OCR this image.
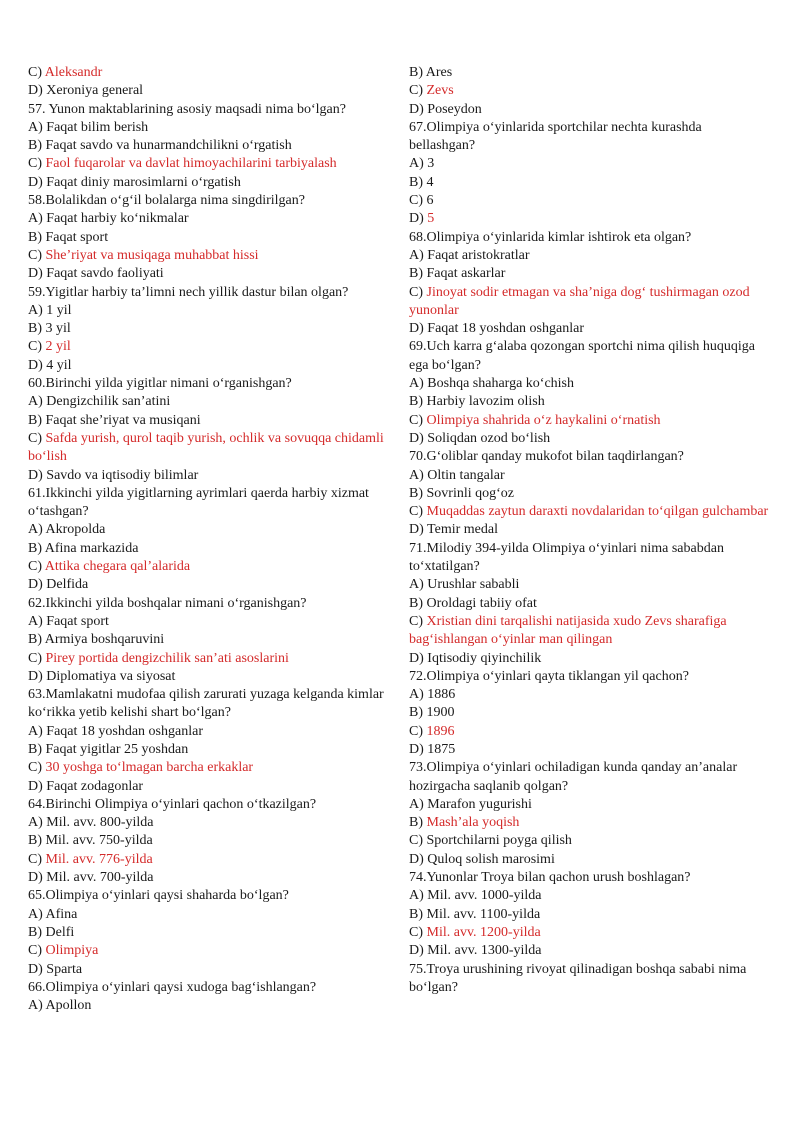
C) Aleksandr
D) Xeroniya general
57. Yunon maktablarining asosiy maqsadi nima bo‘lgan?
A) Faqat bilim berish
B) Faqat savdo va hunarmandchilikni o‘rgatish
C) Faol fuqarolar va davlat himoyachilarini tarbiyalash
D) Faqat diniy marosimlarni o‘rgatish
58.Bolalikdan o‘g‘il bolalarga nima singdirilgan?
A) Faqat harbiy ko‘nikmalar
B) Faqat sport
C) She’riyat va musiqaga muhabbat hissi
D) Faqat savdo faoliyati
59.Yigitlar harbiy ta’limni nech yillik dastur bilan olgan?
A) 1 yil
B) 3 yil
C) 2 yil
D) 4 yil
60.Birinchi yilda yigitlar nimani o‘rganishgan?
A) Dengizchilik san’atini
B) Faqat she’riyat va musiqani
C) Safda yurish, qurol taqib yurish, ochlik va sovuqqa chidamli bo‘lish
D) Savdo va iqtisodiy bilimlar
61.Ikkinchi yilda yigitlarning ayrimlari qaerda harbiy xizmat o‘tashgan?
A) Akropolda
B) Afina markazida
C) Attika chegara qal’alarida
D) Delfida
62.Ikkinchi yilda boshqalar nimani o‘rganishgan?
A) Faqat sport
B) Armiya boshqaruvini
C) Pirey portida dengizchilik san’ati asoslarini
D) Diplomatiya va siyosat
63.Mamlakatni mudofaa qilish zarurati yuzaga kelganda kimlar ko‘rikka yetib kelishi shart bo‘lgan?
A) Faqat 18 yoshdan oshganlar
B) Faqat yigitlar 25 yoshdan
C) 30 yoshga to‘lmagan barcha erkaklar
D) Faqat zodagonlar
64.Birinchi Olimpiya o‘yinlari qachon o‘tkazilgan?
A) Mil. avv. 800-yilda
B) Mil. avv. 750-yilda
C) Mil. avv. 776-yilda
D) Mil. avv. 700-yilda
65.Olimpiya o‘yinlari qaysi shaharda bo‘lgan?
A) Afina
B) Delfi
C) Olimpiya
D) Sparta
66.Olimpiya o‘yinlari qaysi xudoga bag‘ishlangan?
A) Apollon
B) Ares
C) Zevs
D) Poseydon
67.Olimpiya o‘yinlarida sportchilar nechta kurashda bellashgan?
A) 3
B) 4
C) 6
D) 5
68.Olimpiya o‘yinlarida kimlar ishtirok eta olgan?
A) Faqat aristokratlar
B) Faqat askarlar
C) Jinoyat sodir etmagan va sha’niga dog‘ tushirmagan ozod yunonlar
D) Faqat 18 yoshdan oshganlar
69.Uch karra g‘alaba qozongan sportchi nima qilish huquqiga ega bo‘lgan?
A) Boshqa shaharga ko‘chish
B) Harbiy lavozim olish
C) Olimpiya shahrida o‘z haykalini o‘rnatish
D) Soliqdan ozod bo‘lish
70.G‘oliblar qanday mukofot bilan taqdirlangan?
A) Oltin tangalar
B) Sovrinli qog‘oz
C) Muqaddas zaytun daraxti novdalaridan to‘qilgan gulchambar
D) Temir medal
71.Milodiy 394-yilda Olimpiya o‘yinlari nima sababdan to‘xtatilgan?
A) Urushlar sababli
B) Oroldagi tabiiy ofat
C) Xristian dini tarqalishi natijasida xudo Zevs sharafiga bag‘ishlangan o‘yinlar man qilingan
D) Iqtisodiy qiyinchilik
72.Olimpiya o‘yinlari qayta tiklangan yil qachon?
A) 1886
B) 1900
C) 1896
D) 1875
73.Olimpiya o‘yinlari ochiladigan kunda qanday an’analar hozirgacha saqlanib qolgan?
A) Marafon yugurishi
B) Mash’ala yoqish
C) Sportchilarni poyga qilish
D) Quloq solish marosimi
74.Yunonlar Troya bilan qachon urush boshlagan?
A) Mil. avv. 1000-yilda
B) Mil. avv. 1100-yilda
C) Mil. avv. 1200-yilda
D) Mil. avv. 1300-yilda
75.Troya urushining rivoyat qilinadigan boshqa sababi nima bo‘lgan?
